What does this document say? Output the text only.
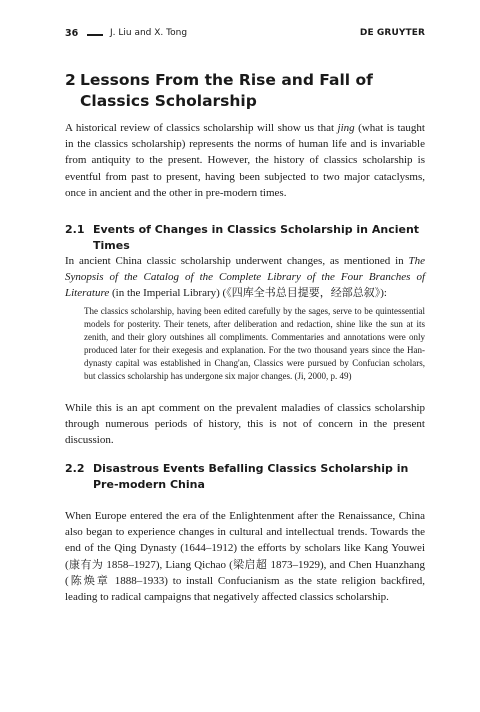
36	J. Liu and X. Tong	DE GRUYTER
2 Lessons From the Rise and Fall of Classics Scholarship

A historical review of classics scholarship will show us that jing (what is taught in the classics scholarship) represents the norms of human life and is invariable from antiquity to the present. However, the history of classics scholarship is eventful from past to present, having been subjected to two major cataclysms, once in ancient and the other in pre-modern times.

2.1 Events of Changes in Classics Scholarship in Ancient Times

In ancient China classic scholarship underwent changes, as mentioned in The Synopsis of the Catalog of the Complete Library of the Four Branches of Literature (in the Imperial Library) (《四库全书总目提要，经部总叙》):

The classics scholarship, having been edited carefully by the sages, serve to be quintessential models for posterity. Their tenets, after deliberation and redaction, shine like the sun at its zenith, and their glory outshines all compliments. Commentaries and annotations were only produced later for their exegesis and explanation. For the two thousand years since the Han-dynasty capital was established in Chang'an, Classics were pursued by Confucian scholars, but classics scholarship has undergone six major changes. (Ji, 2000, p. 49)

While this is an apt comment on the prevalent maladies of classics scholarship through numerous periods of history, this is not of concern in the present discussion.

2.2 Disastrous Events Befalling Classics Scholarship in Pre-modern China

When Europe entered the era of the Enlightenment after the Renaissance, China also began to experience changes in cultural and intellectual trends. Towards the end of the Qing Dynasty (1644–1912) the efforts by scholars like Kang Youwei (康有为 1858–1927), Liang Qichao (梁启超 1873–1929), and Chen Huanzhang (陈焕章 1888–1933) to install Confucianism as the state religion backfired, leading to radical campaigns that negatively affected classics scholarship.
